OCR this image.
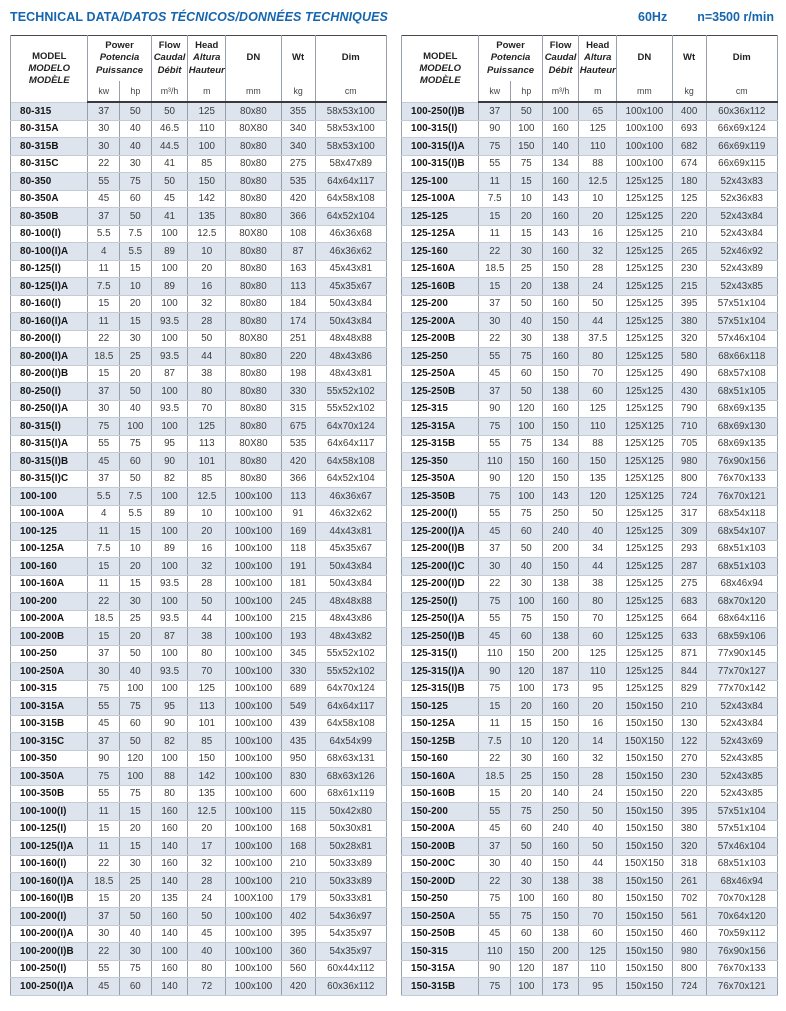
TECHNICAL DATA/DATOS TÉCNICOS/DONNÉES TECHNIQUES	60Hz n=3500 r/min
MODEL
MODELO
MODÈLE

Power
Potencia
Puissance

Flow
Caudal
Débit

Head
Altura
Hauteur
	DN	Wt	Dim
	kw	hp	m³/h	m	mm	kg	cm
80-315	37	50	50	125	80x80	355	58x53x100
80-315A	30	40	46.5	110	80X80	340	58x53x100
80-315B	30	40	44.5	100	80x80	340	58x53x100
80-315C	22	30	41	85	80x80	275	58x47x89
80-350	55	75	50	150	80x80	535	64x64x117
80-350A	45	60	45	142	80x80	420	64x58x108
80-350B	37	50	41	135	80x80	366	64x52x104
80-100(I)	5.5	7.5	100	12.5	80X80	108	46x36x68
80-100(I)A	4	5.5	89	10	80x80	87	46x36x62
80-125(I)	11	15	100	20	80x80	163	45x43x81
80-125(I)A	7.5	10	89	16	80x80	113	45x35x67
80-160(I)	15	20	100	32	80x80	184	50x43x84
80-160(I)A	11	15	93.5	28	80x80	174	50x43x84
80-200(I)	22	30	100	50	80X80	251	48x48x88
80-200(I)A	18.5	25	93.5	44	80x80	220	48x43x86
80-200(I)B	15	20	87	38	80x80	198	48x43x81
80-250(I)	37	50	100	80	80x80	330	55x52x102
80-250(I)A	30	40	93.5	70	80x80	315	55x52x102
80-315(I)	75	100	100	125	80x80	675	64x70x124
80-315(I)A	55	75	95	113	80X80	535	64x64x117
80-315(I)B	45	60	90	101	80x80	420	64x58x108
80-315(I)C	37	50	82	85	80x80	366	64x52x104
100-100	5.5	7.5	100	12.5	100x100	113	46x36x67
100-100A	4	5.5	89	10	100x100	91	46x32x62
100-125	11	15	100	20	100x100	169	44x43x81
100-125A	7.5	10	89	16	100x100	118	45x35x67
100-160	15	20	100	32	100x100	191	50x43x84
100-160A	11	15	93.5	28	100x100	181	50x43x84
100-200	22	30	100	50	100x100	245	48x48x88
100-200A	18.5	25	93.5	44	100x100	215	48x43x86
100-200B	15	20	87	38	100x100	193	48x43x82
100-250	37	50	100	80	100x100	345	55x52x102
100-250A	30	40	93.5	70	100x100	330	55x52x102
100-315	75	100	100	125	100x100	689	64x70x124
100-315A	55	75	95	113	100x100	549	64x64x117
100-315B	45	60	90	101	100x100	439	64x58x108
100-315C	37	50	82	85	100x100	435	64x54x99
100-350	90	120	100	150	100x100	950	68x63x131
100-350A	75	100	88	142	100x100	830	68x63x126
100-350B	55	75	80	135	100x100	600	68x61x119
100-100(I)	11	15	160	12.5	100x100	115	50x42x80
100-125(I)	15	20	160	20	100x100	168	50x30x81
100-125(I)A	11	15	140	17	100x100	168	50x28x81
100-160(I)	22	30	160	32	100x100	210	50x33x89
100-160(I)A	18.5	25	140	28	100x100	210	50x33x89
100-160(I)B	15	20	135	24	100X100	179	50x33x81
100-200(I)	37	50	160	50	100x100	402	54x36x97
100-200(I)A	30	40	140	45	100x100	395	54x35x97
100-200(I)B	22	30	100	40	100x100	360	54x35x97
100-250(I)	55	75	160	80	100x100	560	60x44x112
100-250(I)A	45	60	140	72	100x100	420	60x36x112
MODEL
MODELO
MODÈLE

Power
Potencia
Puissance

Flow
Caudal
Débit

Head
Altura
Hauteur
	DN	Wt	Dim
	kw	hp	m³/h	m	mm	kg	cm
100-250(I)B	37	50	100	65	100x100	400	60x36x112
100-315(I)	90	100	160	125	100x100	693	66x69x124
100-315(I)A	75	150	140	110	100x100	682	66x69x119
100-315(I)B	55	75	134	88	100x100	674	66x69x115
125-100	11	15	160	12.5	125x125	180	52x43x83
125-100A	7.5	10	143	10	125x125	125	52x36x83
125-125	15	20	160	20	125x125	220	52x43x84
125-125A	11	15	143	16	125x125	210	52x43x84
125-160	22	30	160	32	125x125	265	52x46x92
125-160A	18.5	25	150	28	125x125	230	52x43x89
125-160B	15	20	138	24	125x125	215	52x43x85
125-200	37	50	160	50	125x125	395	57x51x104
125-200A	30	40	150	44	125x125	380	57x51x104
125-200B	22	30	138	37.5	125x125	320	57x46x104
125-250	55	75	160	80	125x125	580	68x66x118
125-250A	45	60	150	70	125x125	490	68x57x108
125-250B	37	50	138	60	125x125	430	68x51x105
125-315	90	120	160	125	125x125	790	68x69x135
125-315A	75	100	150	110	125X125	710	68x69x130
125-315B	55	75	134	88	125X125	705	68x69x135
125-350	110	150	160	150	125X125	980	76x90x156
125-350A	90	120	150	135	125X125	800	76x70x133
125-350B	75	100	143	120	125X125	724	76x70x121
125-200(I)	55	75	250	50	125x125	317	68x54x118
125-200(I)A	45	60	240	40	125x125	309	68x54x107
125-200(I)B	37	50	200	34	125x125	293	68x51x103
125-200(I)C	30	40	150	44	125x125	287	68x51x103
125-200(I)D	22	30	138	38	125x125	275	68x46x94
125-250(I)	75	100	160	80	125x125	683	68x70x120
125-250(I)A	55	75	150	70	125x125	664	68x64x116
125-250(I)B	45	60	138	60	125x125	633	68x59x106
125-315(I)	110	150	200	125	125x125	871	77x90x145
125-315(I)A	90	120	187	110	125x125	844	77x70x127
125-315(I)B	75	100	173	95	125x125	829	77x70x142
150-125	15	20	160	20	150x150	210	52x43x84
150-125A	11	15	150	16	150x150	130	52x43x84
150-125B	7.5	10	120	14	150X150	122	52x43x69
150-160	22	30	160	32	150x150	270	52x43x85
150-160A	18.5	25	150	28	150x150	230	52x43x85
150-160B	15	20	140	24	150x150	220	52x43x85
150-200	55	75	250	50	150x150	395	57x51x104
150-200A	45	60	240	40	150x150	380	57x51x104
150-200B	37	50	160	50	150x150	320	57x46x104
150-200C	30	40	150	44	150X150	318	68x51x103
150-200D	22	30	138	38	150x150	261	68x46x94
150-250	75	100	160	80	150x150	702	70x70x128
150-250A	55	75	150	70	150x150	561	70x64x120
150-250B	45	60	138	60	150x150	460	70x59x112
150-315	110	150	200	125	150x150	980	76x90x156
150-315A	90	120	187	110	150x150	800	76x70x133
150-315B	75	100	173	95	150x150	724	76x70x121
